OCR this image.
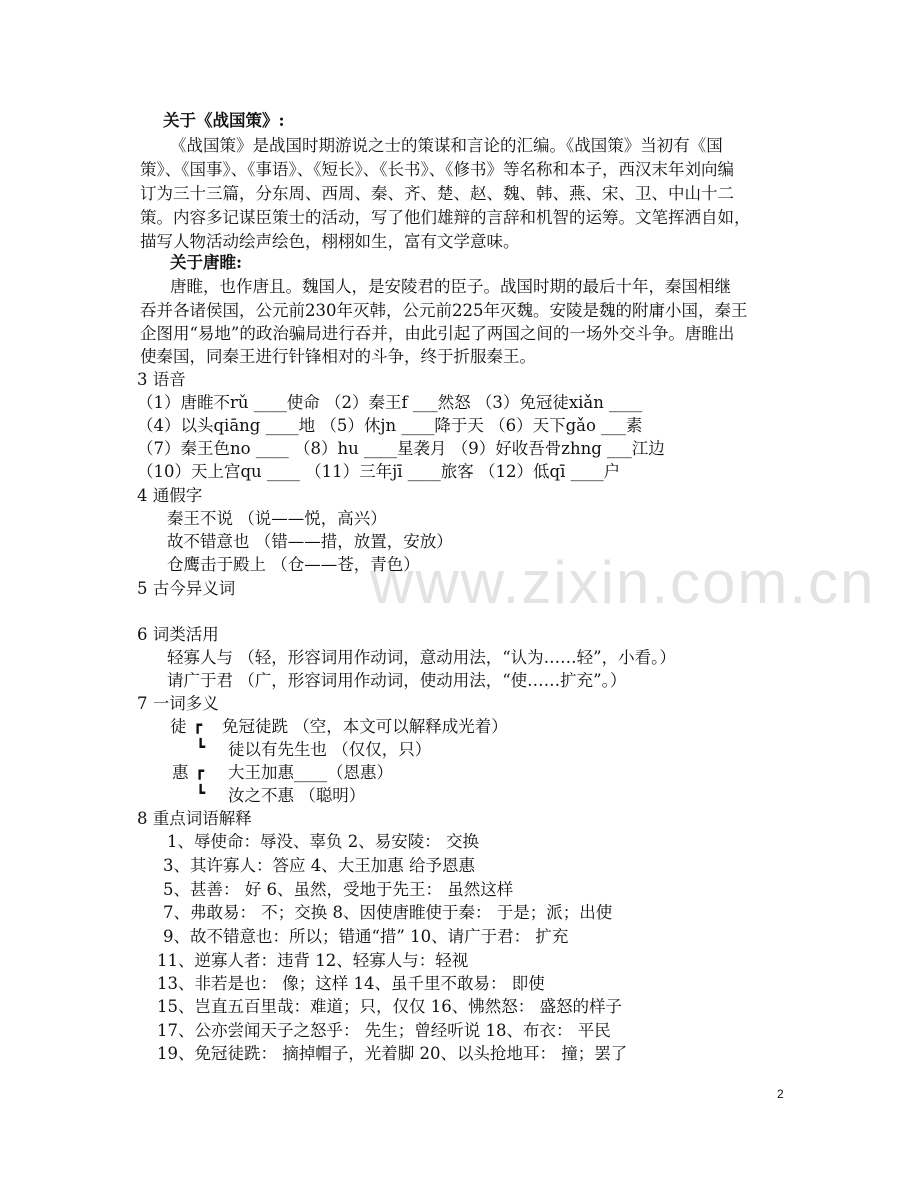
www.zixin.com.cn
关于《战国策》:
《战国策》是战国时期游说之士的策谋和言论的汇编。《战国策》当初有《国
策》、《国事》、《事语》、《短长》、《长书》、《修书》等名称和本子，西汉末年刘向编
订为三十三篇，分东周、西周、秦、齐、楚、赵、魏、韩、燕、宋、卫、中山十二
策。内容多记谋臣策士的活动，写了他们雄辩的言辞和机智的运筹。文笔挥洒自如，
描写人物活动绘声绘色，栩栩如生，富有文学意味。
关于唐睢:
唐睢，也作唐且。魏国人，是安陵君的臣子。战国时期的最后十年，秦国相继
吞并各诸侯国，公元前230年灭韩，公元前225年灭魏。安陵是魏的附庸小国，秦王
企图用“易地”的政治骗局进行吞并，由此引起了两国之间的一场外交斗争。唐睢出
使秦国，同秦王进行针锋相对的斗争，终于折服秦王。
3 语音
（1）唐睢不rǔ ____使命 （2）秦王f ___然怒 （3）免冠徒xiǎn ____
（4）以头qiāng ____地 （5）休jn ____降于天 （6）天下gǎo ___素
（7）秦王色no ____ （8）hu ____星袭月 （9）好收吾骨zhng ___江边
（10）天上宫qu ____ （11）三年jī ____旅客 （12）低qī ____户
4 通假字
秦王不说 （说——悦，高兴）
故不错意也 （错——措，放置，安放）
仓鹰击于殿上 （仓——苍，青色）
5 古今异义词
6 词类活用
轻寡人与 （轻，形容词用作动词，意动用法，“认为……轻”，小看。）
请广于君 （广，形容词用作动词，使动用法，“使……扩充”。）
7 一词多义
徒 ┏ 免冠徒跣 （空，本文可以解释成光着）
┗ 徒以有先生也 （仅仅，只）
惠 ┏ 大王加惠____（恩惠）
┗ 汝之不惠 （聪明）
8 重点词语解释
1、辱使命：辱没、辜负 2、易安陵： 交换
3、其许寡人：答应 4、大王加惠 给予恩惠
5、甚善： 好 6、虽然，受地于先王： 虽然这样
7、弗敢易： 不；交换 8、因使唐睢使于秦： 于是；派；出使
9、故不错意也：所以；错通“措” 10、请广于君： 扩充
11、逆寡人者：违背 12、轻寡人与：轻视
13、非若是也： 像；这样 14、虽千里不敢易： 即使
15、岂直五百里哉：难道；只，仅仅 16、怫然怒： 盛怒的样子
17、公亦尝闻天子之怒乎： 先生；曾经听说 18、布衣： 平民
19、免冠徒跣： 摘掉帽子，光着脚 20、以头抢地耳： 撞；罢了
2
